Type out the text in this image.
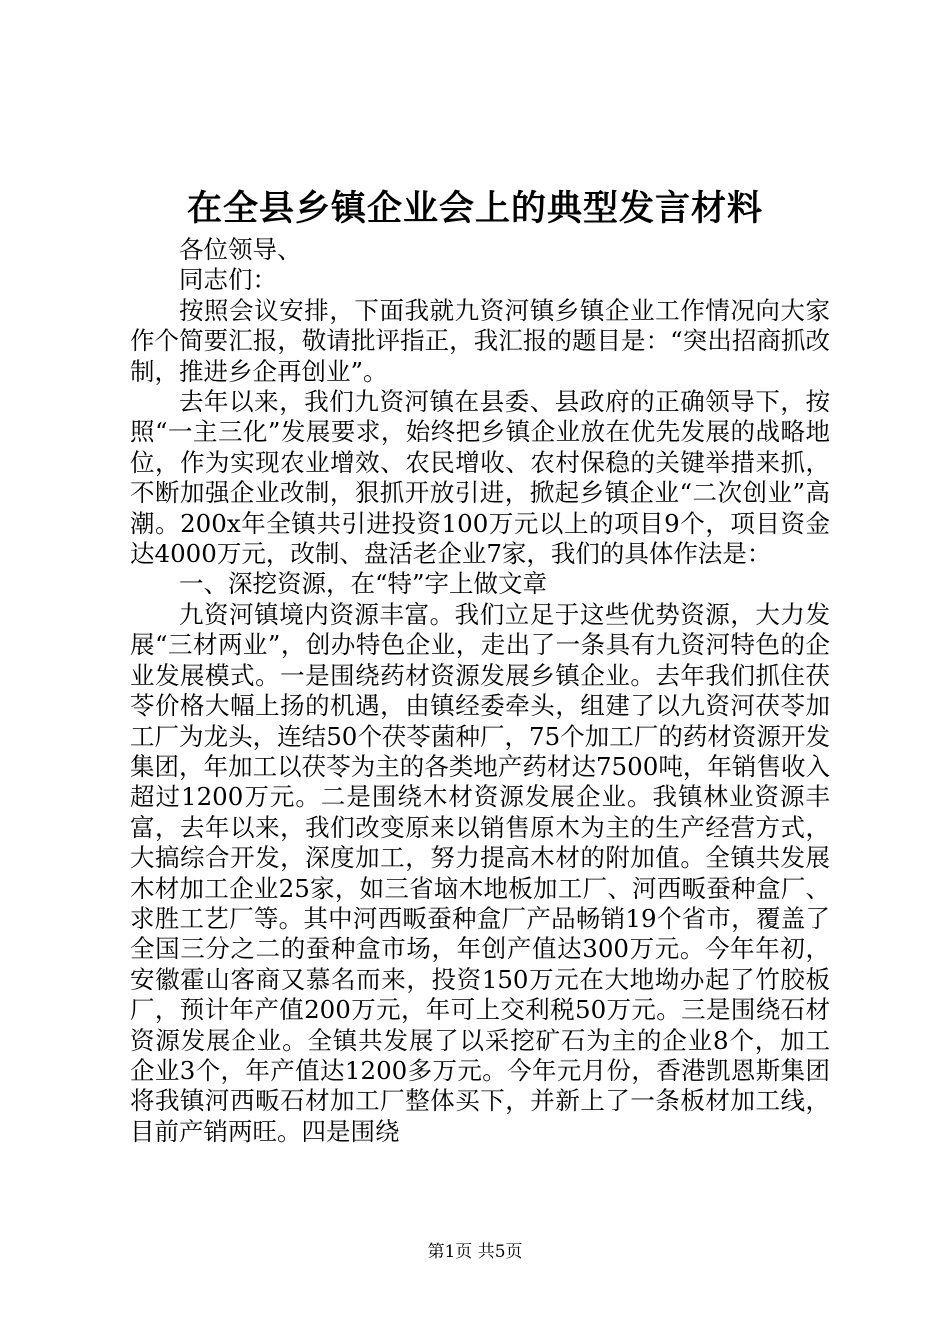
在全县乡镇企业会上的典型发言材料

各位领导、

同志们：

按照会议安排，下面我就九资河镇乡镇企业工作情况向大家作个简要汇报，敬请批评指正，我汇报的题目是：“突出招商抓改制，推进乡企再创业”。

去年以来，我们九资河镇在县委、县政府的正确领导下，按照“一主三化”发展要求，始终把乡镇企业放在优先发展的战略地位，作为实现农业增效、农民增收、农村保稳的关键举措来抓，不断加强企业改制，狠抓开放引进，掀起乡镇企业“二次创业”高潮。200x年全镇共引进投资100万元以上的项目9个，项目资金达4000万元，改制、盘活老企业7家，我们的具体作法是：

一、深挖资源，在“特”字上做文章

九资河镇境内资源丰富。我们立足于这些优势资源，大力发展“三材两业”，创办特色企业，走出了一条具有九资河特色的企业发展模式。一是围绕药材资源发展乡镇企业。去年我们抓住茯苓价格大幅上扬的机遇，由镇经委牵头，组建了以九资河茯苓加工厂为龙头，连结50个茯苓菌种厂，75个加工厂的药材资源开发集团，年加工以茯苓为主的各类地产药材达7500吨，年销售收入超过1200万元。二是围绕木材资源发展企业。我镇林业资源丰富，去年以来，我们改变原来以销售原木为主的生产经营方式，大搞综合开发，深度加工，努力提高木材的附加值。全镇共发展木材加工企业25家，如三省垴木地板加工厂、河西畈蚕种盒厂、求胜工艺厂等。其中河西畈蚕种盒厂产品畅销19个省市，覆盖了全国三分之二的蚕种盒市场，年创产值达300万元。今年年初，安徽霍山客商又慕名而来，投资150万元在大地坳办起了竹胶板厂，预计年产值200万元，年可上交利税50万元。三是围绕石材资源发展企业。全镇共发展了以采挖矿石为主的企业8个，加工企业3个，年产值达1200多万元。今年元月份，香港凯恩斯集团将我镇河西畈石材加工厂整体买下，并新上了一条板材加工线，目前产销两旺。四是围绕

第1页 共5页
